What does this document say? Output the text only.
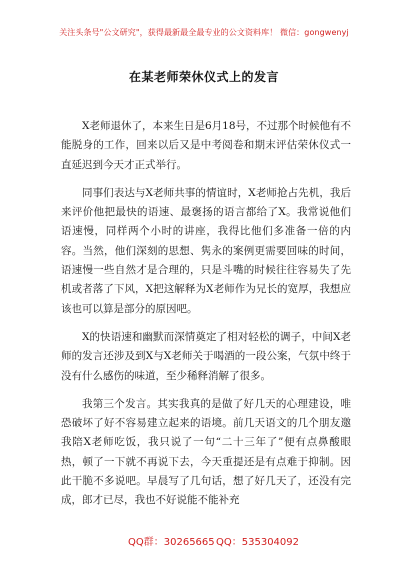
关注头条号"公文研究"，获得最新最全最专业的公文资料库！ 微信：gongwenyj
在某老师荣休仪式上的发言

X老师退休了，本来生日是6月18号，不过那个时候他有不能脱身的工作，回来以后又是中考阅卷和期末评估荣休仪式一直延迟到今天才正式举行。

同事们表达与X老师共事的情谊时，X老师抢占先机，我后来评价他把最快的语速、最褒扬的语言都给了X。我常说他们语速慢，同样两个小时的讲座，我得比他们多准备一倍的内容。当然，他们深刻的思想、隽永的案例更需要回味的时间，语速慢一些自然才是合理的，只是斗嘴的时候往往容易失了先机或者落了下风，X把这解释为X老师作为兄长的宽厚，我想应该也可以算是部分的原因吧。

X的快语速和幽默而深情奠定了相对轻松的调子，中间X老师的发言还涉及到X与X老师关于喝酒的一段公案，气氛中终于没有什么感伤的味道，至少稀释消解了很多。

我第三个发言。其实我真的是做了好几天的心理建设，唯恐破坏了好不容易建立起来的语境。前几天语文的几个朋友邀我陪X老师吃饭，我只说了一句“二十三年了”便有点鼻酸眼热，顿了一下就不再说下去，今天重提还是有点难于抑制。因此干脆不多说吧。早晨写了几句话，想了好几天了，还没有完成，郎才已尽，我也不好说能不能补充

QQ群：30265665 QQ：535304092
